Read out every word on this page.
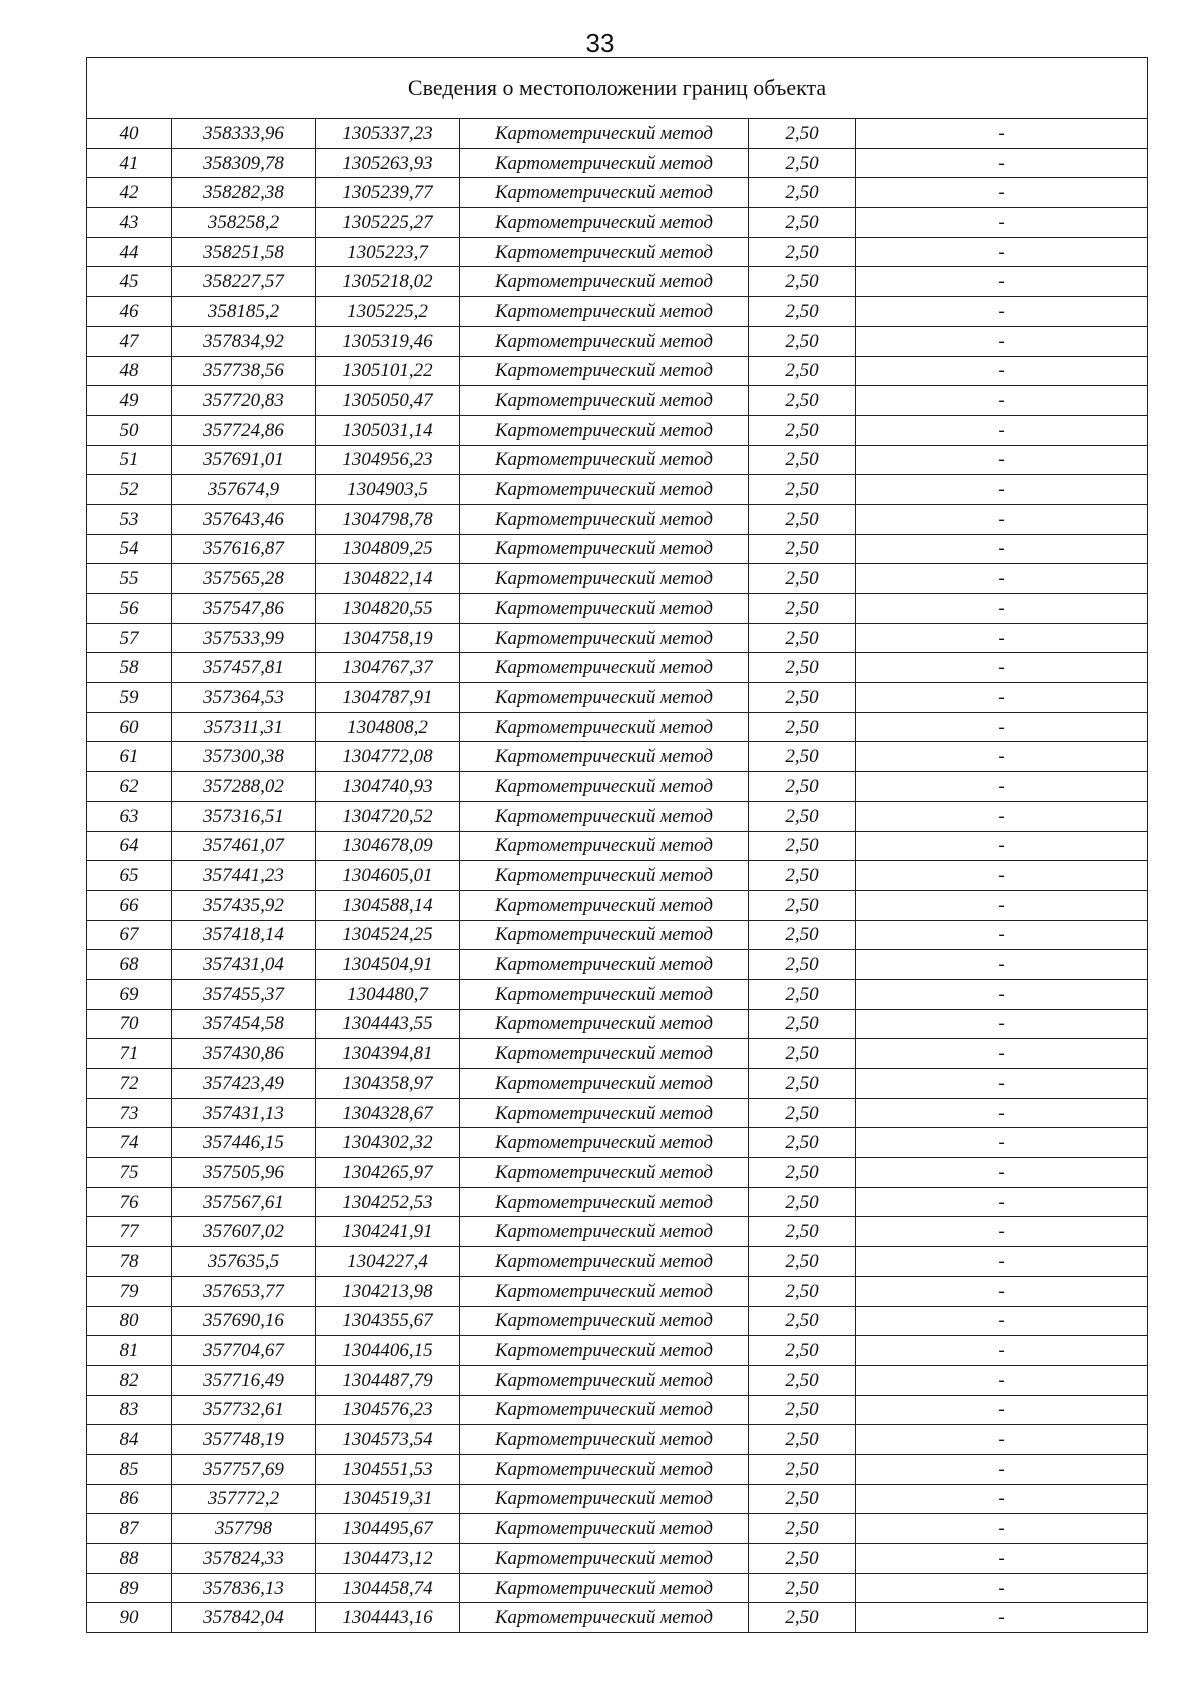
33
Сведения о местоположении границ объекта					
40	358333,96	1305337,23	Картометрический метод	2,50	-
41	358309,78	1305263,93	Картометрический метод	2,50	-
42	358282,38	1305239,77	Картометрический метод	2,50	-
43	358258,2	1305225,27	Картометрический метод	2,50	-
44	358251,58	1305223,7	Картометрический метод	2,50	-
45	358227,57	1305218,02	Картометрический метод	2,50	-
46	358185,2	1305225,2	Картометрический метод	2,50	-
47	357834,92	1305319,46	Картометрический метод	2,50	-
48	357738,56	1305101,22	Картометрический метод	2,50	-
49	357720,83	1305050,47	Картометрический метод	2,50	-
50	357724,86	1305031,14	Картометрический метод	2,50	-
51	357691,01	1304956,23	Картометрический метод	2,50	-
52	357674,9	1304903,5	Картометрический метод	2,50	-
53	357643,46	1304798,78	Картометрический метод	2,50	-
54	357616,87	1304809,25	Картометрический метод	2,50	-
55	357565,28	1304822,14	Картометрический метод	2,50	-
56	357547,86	1304820,55	Картометрический метод	2,50	-
57	357533,99	1304758,19	Картометрический метод	2,50	-
58	357457,81	1304767,37	Картометрический метод	2,50	-
59	357364,53	1304787,91	Картометрический метод	2,50	-
60	357311,31	1304808,2	Картометрический метод	2,50	-
61	357300,38	1304772,08	Картометрический метод	2,50	-
62	357288,02	1304740,93	Картометрический метод	2,50	-
63	357316,51	1304720,52	Картометрический метод	2,50	-
64	357461,07	1304678,09	Картометрический метод	2,50	-
65	357441,23	1304605,01	Картометрический метод	2,50	-
66	357435,92	1304588,14	Картометрический метод	2,50	-
67	357418,14	1304524,25	Картометрический метод	2,50	-
68	357431,04	1304504,91	Картометрический метод	2,50	-
69	357455,37	1304480,7	Картометрический метод	2,50	-
70	357454,58	1304443,55	Картометрический метод	2,50	-
71	357430,86	1304394,81	Картометрический метод	2,50	-
72	357423,49	1304358,97	Картометрический метод	2,50	-
73	357431,13	1304328,67	Картометрический метод	2,50	-
74	357446,15	1304302,32	Картометрический метод	2,50	-
75	357505,96	1304265,97	Картометрический метод	2,50	-
76	357567,61	1304252,53	Картометрический метод	2,50	-
77	357607,02	1304241,91	Картометрический метод	2,50	-
78	357635,5	1304227,4	Картометрический метод	2,50	-
79	357653,77	1304213,98	Картометрический метод	2,50	-
80	357690,16	1304355,67	Картометрический метод	2,50	-
81	357704,67	1304406,15	Картометрический метод	2,50	-
82	357716,49	1304487,79	Картометрический метод	2,50	-
83	357732,61	1304576,23	Картометрический метод	2,50	-
84	357748,19	1304573,54	Картометрический метод	2,50	-
85	357757,69	1304551,53	Картометрический метод	2,50	-
86	357772,2	1304519,31	Картометрический метод	2,50	-
87	357798	1304495,67	Картометрический метод	2,50	-
88	357824,33	1304473,12	Картометрический метод	2,50	-
89	357836,13	1304458,74	Картометрический метод	2,50	-
90	357842,04	1304443,16	Картометрический метод	2,50	-
